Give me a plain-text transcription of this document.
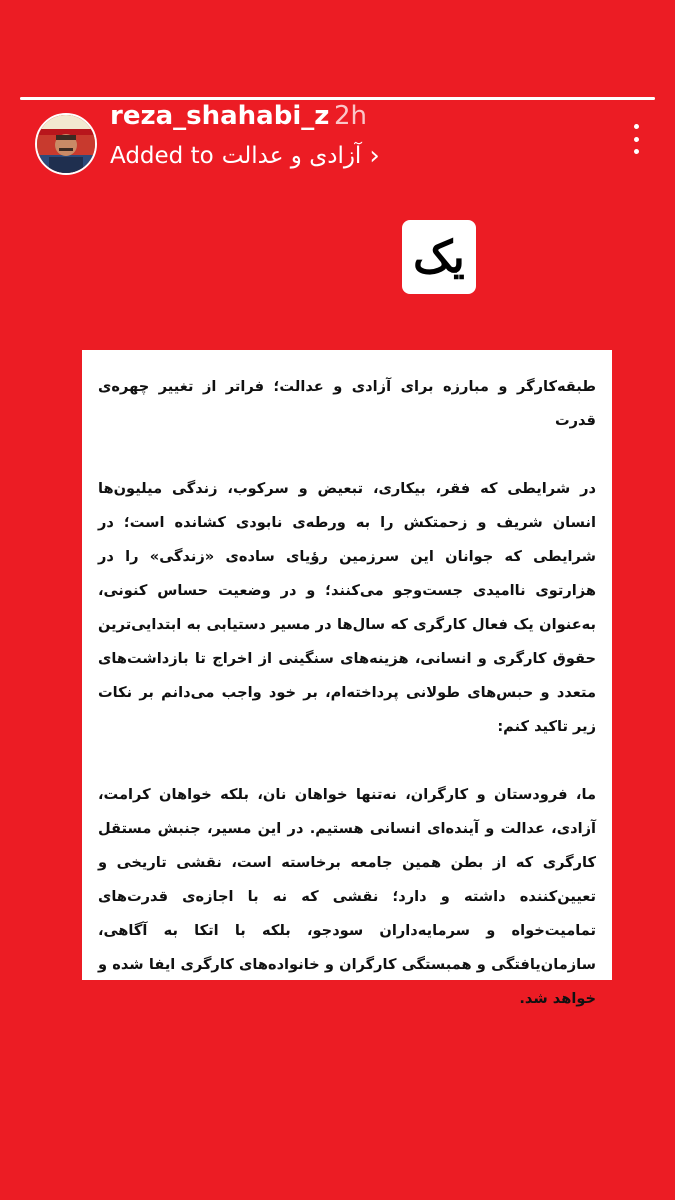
reza_shahabi_z 2h
Added to آزادی و عدالت ›
یک

طبقه‌کارگر و مبارزه برای آزادی و عدالت؛ فراتر از تغییر چهره‌ی قدرت

در شرایطی که فقر، بیکاری، تبعیض و سرکوب، زندگی میلیون‌ها انسان شریف و زحمتکش را به ورطه‌ی نابودی کشانده است؛ در شرایطی که جوانان این سرزمین رؤیای ساده‌ی «زندگی» را در هزارتوی ناامیدی جست‌وجو می‌کنند؛ و در وضعیت حساس کنونی، به‌عنوان یک فعال کارگری که سال‌ها در مسیر دستیابی به ابتدایی‌ترین حقوق کارگری و انسانی، هزینه‌های سنگینی از اخراج تا بازداشت‌های متعدد و حبس‌های طولانی پرداخته‌ام، بر خود واجب می‌دانم بر نکات زیر تاکید کنم:

ما، فرودستان و کارگران، نه‌تنها خواهان نان، بلکه خواهان کرامت، آزادی، عدالت و آینده‌ای انسانی هستیم. در این مسیر، جنبش مستقل کارگری که از بطن همین جامعه برخاسته است، نقشی تاریخی و تعیین‌کننده داشته و دارد؛ نقشی که نه با اجازه‌ی قدرت‌های تمامیت‌خواه و سرمایه‌داران سودجو، بلکه با اتکا به آگاهی، سازمان‌یافتگی و همبستگی کارگران و خانواده‌های کارگری ایفا شده و خواهد شد.
